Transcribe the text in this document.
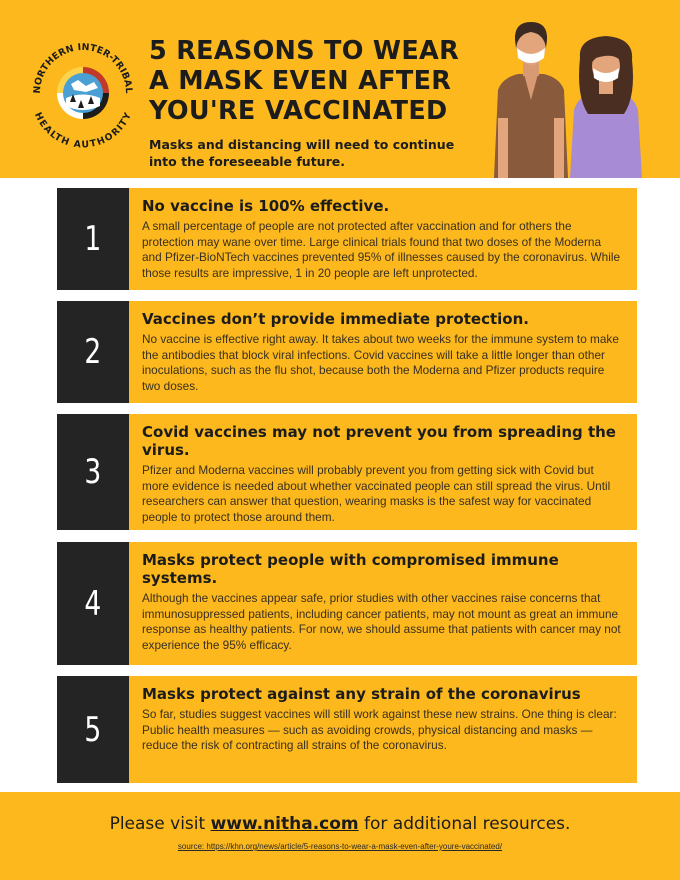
NORTHERN INTER-TRIBAL
HEALTH AUTHORITY
5 REASONS TO WEAR
A MASK EVEN AFTER
YOU'RE VACCINATED
Masks and distancing will need to continue
into the foreseeable future.
1
No vaccine is 100% effective.

A small percentage of people are not protected after vaccination and for others the protection may wane over time. Large clinical trials found that two doses of the Moderna and Pfizer-BioNTech vaccines prevented 95% of illnesses caused by the coronavirus. While those results are impressive, 1 in 20 people are left unprotected.

2
Vaccines don’t provide immediate protection.

No vaccine is effective right away. It takes about two weeks for the immune system to make the antibodies that block viral infections. Covid vaccines will take a little longer than other inoculations, such as the flu shot, because both the Moderna and Pfizer products require two doses.

3
Covid vaccines may not prevent you from spreading the virus.

Pfizer and Moderna vaccines will probably prevent you from getting sick with Covid but more evidence is needed about whether vaccinated people can still spread the virus. Until researchers can answer that question, wearing masks is the safest way for vaccinated people to protect those around them.

4
Masks protect people with compromised immune systems.

Although the vaccines appear safe, prior studies with other vaccines raise concerns that immunosuppressed patients, including cancer patients, may not mount as great an immune response as healthy patients. For now, we should assume that patients with cancer may not experience the 95% efficacy.

5
Masks protect against any strain of the coronavirus

So far, studies suggest vaccines will still work against these new strains. One thing is clear: Public health measures — such as avoiding crowds, physical distancing and masks — reduce the risk of contracting all strains of the coronavirus.

Please visit www.nitha.com for additional resources.
source: https://khn.org/news/article/5-reasons-to-wear-a-mask-even-after-youre-vaccinated/
